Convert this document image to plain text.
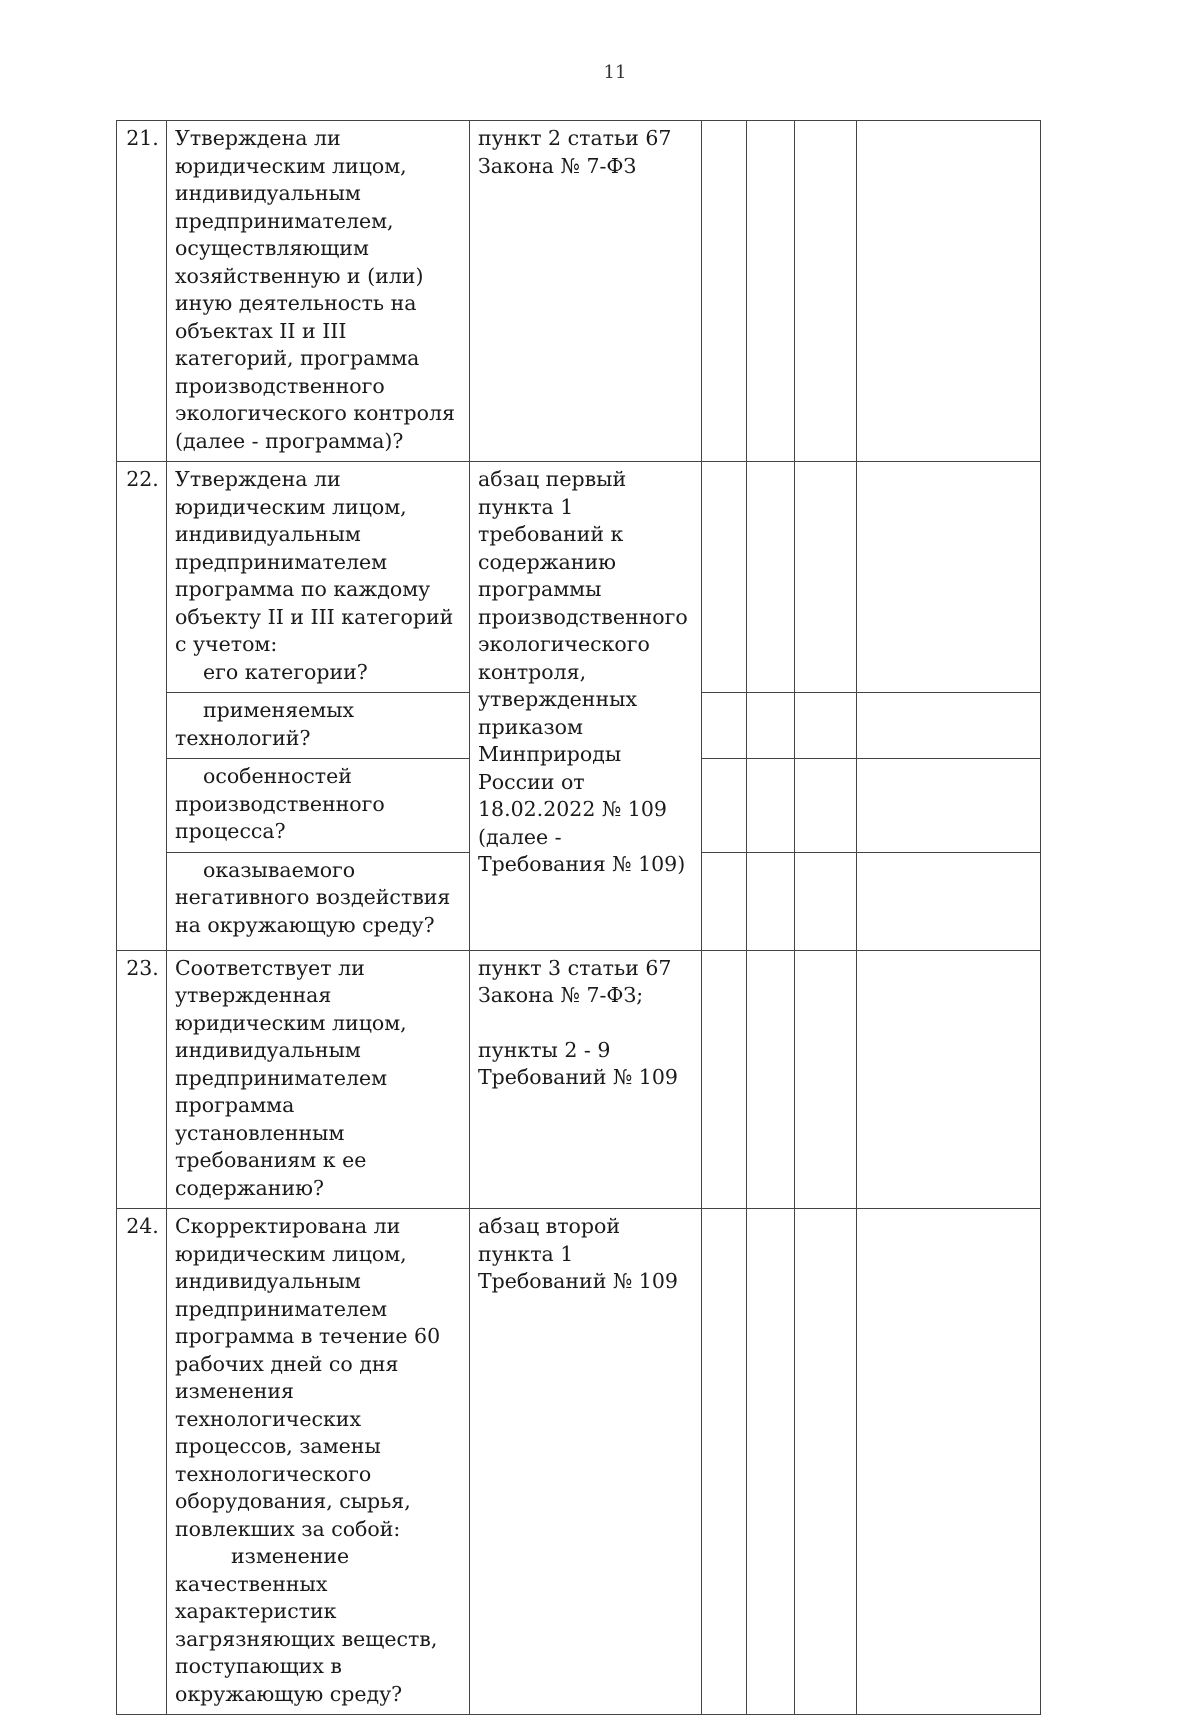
11
21.	Утверждена ли юридическим лицом, индивидуальным предпринимателем, осуществляющим хозяйственную и (или) иную деятельность на объектах II и III категорий, программа производственного экологического контроля (далее - программа)?	пункт 2 статьи 67 Закона № 7-ФЗ				
22.	Утверждена ли юридическим лицом, индивидуальным предпринимателем программа по каждому объекту II и III категорий с учетом:
его категории?	абзац первый пункта 1 требований к содержанию программы производственного экологического контроля, утвержденных приказом Минприроды России от 18.02.2022 № 109 (далее - Требования № 109)				
	применяемых технологий?					
	особенностей производственного процесса?					
	оказываемого негативного воздействия на окружающую среду?					
23.	Соответствует ли утвержденная юридическим лицом, индивидуальным предпринимателем программа установленным требованиям к ее содержанию?	пункт 3 статьи 67 Закона № 7-ФЗ;
пункты 2 - 9 Требований № 109				

24.	Скорректирована ли юридическим лицом, индивидуальным предпринимателем программа в течение 60 рабочих дней со дня изменения технологических процессов, замены технологического оборудования, сырья, повлекших за собой:
изменение качественных характеристик загрязняющих веществ, поступающих в окружающую среду?	абзац второй пункта 1 Требований № 109				
